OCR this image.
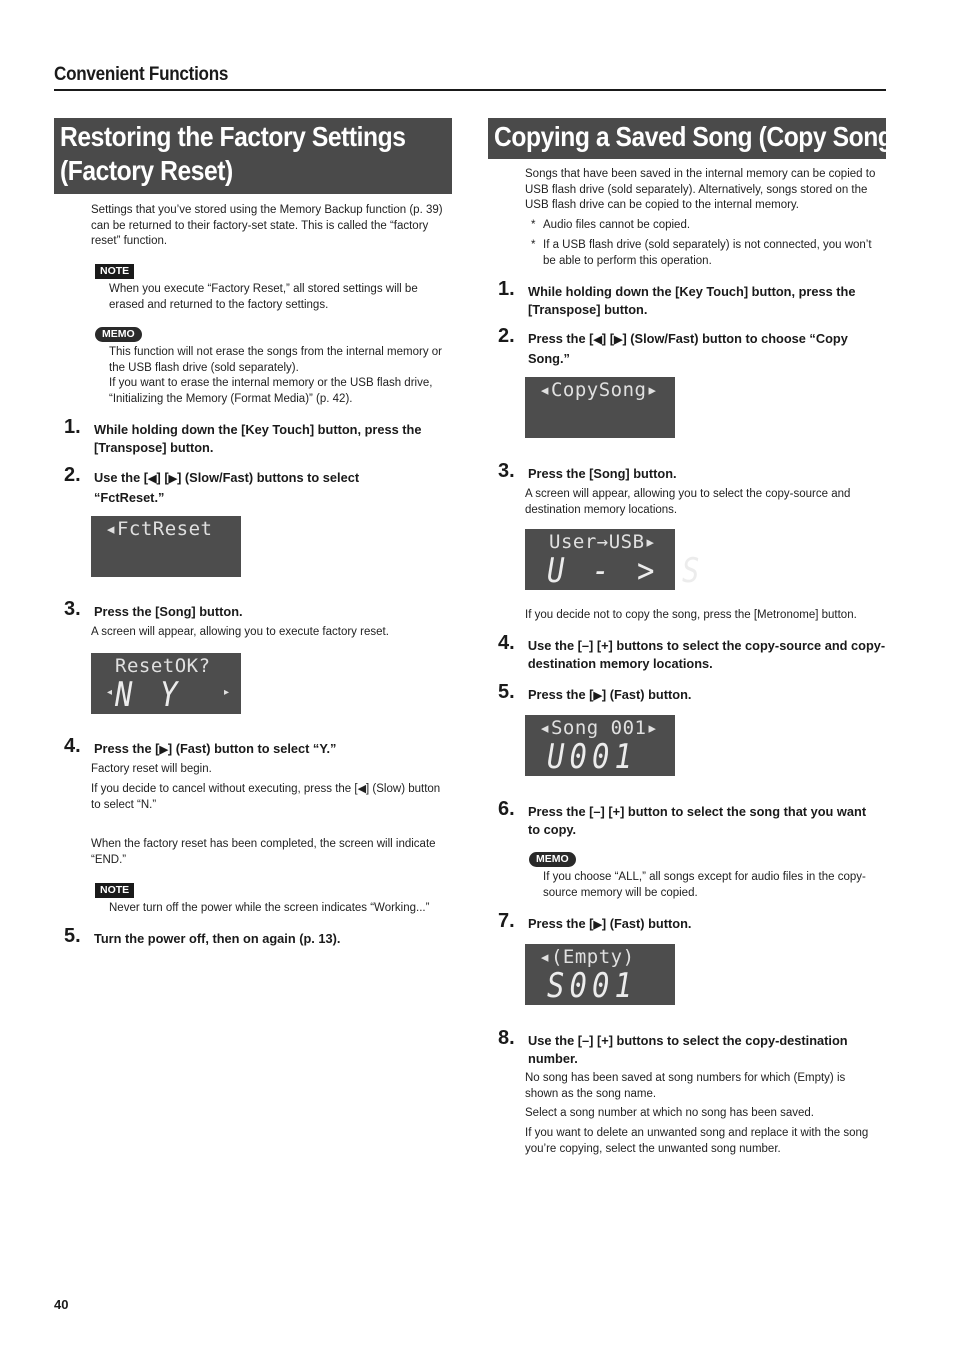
Convenient Functions
Restoring the Factory Settings
(Factory Reset)
Settings that you’ve stored using the Memory Backup function (p. 39) can be returned to their factory-set state. This is called the “factory reset” function.
NOTE
When you execute “Factory Reset,” all stored settings will be erased and returned to the factory settings.
MEMO
This function will not erase the songs from the internal memory or the USB flash drive (sold separately).
If you want to erase the internal memory or the USB flash drive, “Initializing the Memory (Format Media)” (p. 42).
1.	While holding down the [Key Touch] button, press the [Transpose] button.
2.	Use the [◀] [▶] (Slow/Fast) buttons to select “FctReset.”
◂FctReset
3.	Press the [Song] button.
A screen will appear, allowing you to execute factory reset.
ResetOK?
◂ N Y	▸
4.	Press the [▶] (Fast) button to select “Y.”
Factory reset will begin.
If you decide to cancel without executing, press the [◀] (Slow) button to select “N.”
When the factory reset has been completed, the screen will indicate “END.”
NOTE
Never turn off the power while the screen indicates “Working...”
5.	Turn the power off, then on again (p. 13).
Copying a Saved Song (Copy Song)
Songs that have been saved in the internal memory can be copied to USB flash drive (sold separately). Alternatively, songs stored on the USB flash drive can be copied to the internal memory.
* Audio files cannot be copied.
* If a USB flash drive (sold separately) is not connected, you won’t be able to perform this operation.
1.	While holding down the [Key Touch] button, press the [Transpose] button.
2.	Press the [◀] [▶] (Slow/Fast) button to choose “Copy Song.”
◂CopySong▸
3.	Press the [Song] button.
A screen will appear, allowing you to select the copy-source and destination memory locations.
User→USB▸
U - > S
If you decide not to copy the song, press the [Metronome] button.
4.	Use the [–] [+] buttons to select the copy-source and copy-destination memory locations.
5.	Press the [▶] (Fast) button.
◂Song 001▸
U001
6.	Press the [–] [+] button to select the song that you want to copy.
MEMO
If you choose “ALL,” all songs except for audio files in the copy-source memory will be copied.
7.	Press the [▶] (Fast) button.
◂(Empty)
S001
8.	Use the [–] [+] buttons to select the copy-destination number.
No song has been saved at song numbers for which (Empty) is shown as the song name.
Select a song number at which no song has been saved.
If you want to delete an unwanted song and replace it with the song you’re copying, select the unwanted song number.
40
